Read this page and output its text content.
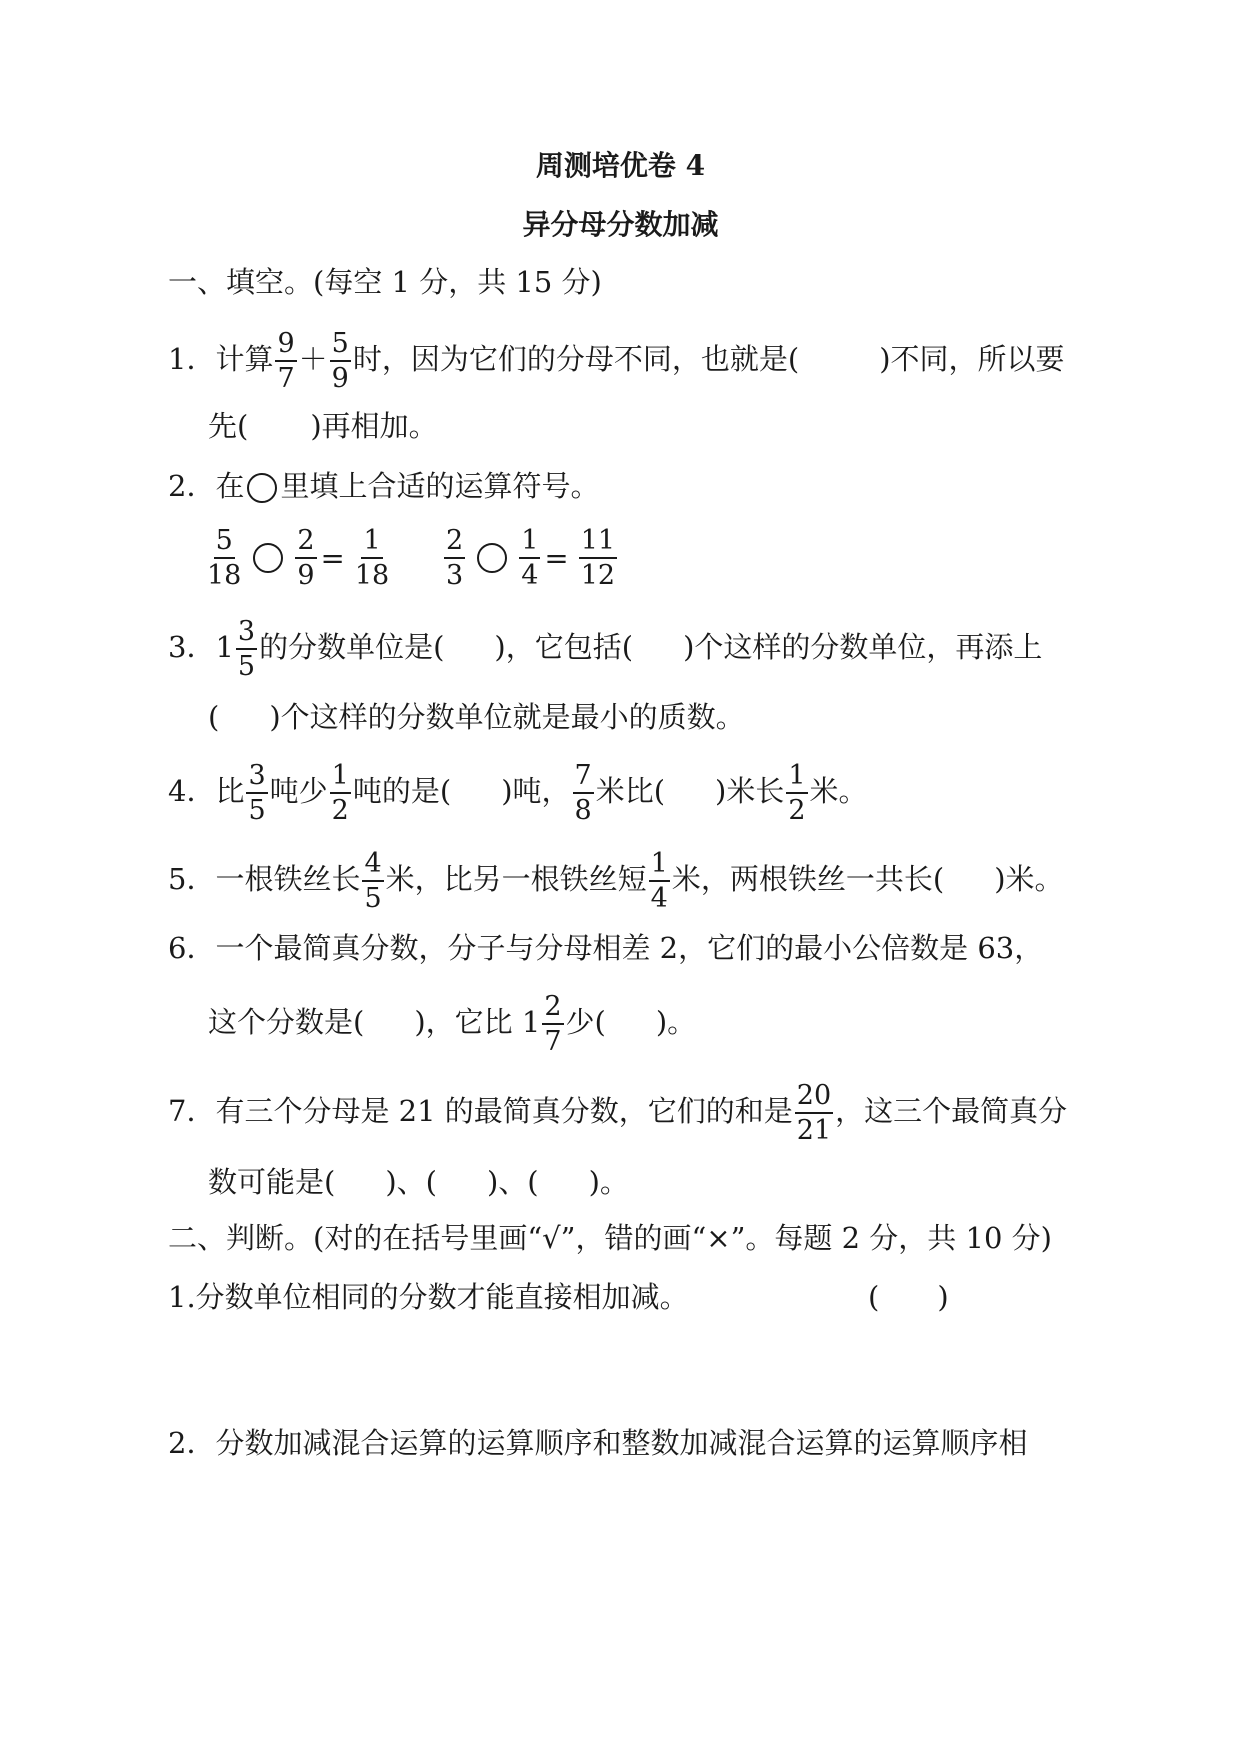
周测培优卷 4
异分母分数加减
一、填空。(每空 1 分，共 15 分)
1．计算 $\frac{9}{7} + \frac{5}{9}$ 时，因为它们的分母不同，也就是(	)不同，所以要
先( )再相加。
2．在 里填上合适的运算符号。
$\frac{5}{18} \frac{2}{9} = \frac{1}{18} \frac{2}{3} \frac{1}{4} = \frac{11}{12}$
3．$1 \frac{3}{5}$ 的分数单位是( )，它包括( )个这样的分数单位，再添上
( )个这样的分数单位就是最小的质数。
4．比 $\frac{3}{5}$ 吨少 $\frac{1}{2}$ 吨的是( )吨， $\frac{7}{8}$ 米比( )米长 $\frac{1}{2}$ 米。
5．一根铁丝长 $\frac{4}{5}$ 米，比另一根铁丝短 $\frac{1}{4}$ 米，两根铁丝一共长( )米。
6．一个最简真分数，分子与分母相差 2，它们的最小公倍数是 63，
这个分数是( )，它比 $1 \frac{2}{7}$ 少( )。
7．有三个分母是 21 的最简真分数，它们的和是 $\frac{20}{21}$ ，这三个最简真分
数可能是( )、( )、( )。
二、判断。(对的在括号里画“√”，错的画“×”。每题 2 分，共 10 分)
1.分数单位相同的分数才能直接相加减。	(　　)
2．分数加减混合运算的运算顺序和整数加减混合运算的运算顺序相
